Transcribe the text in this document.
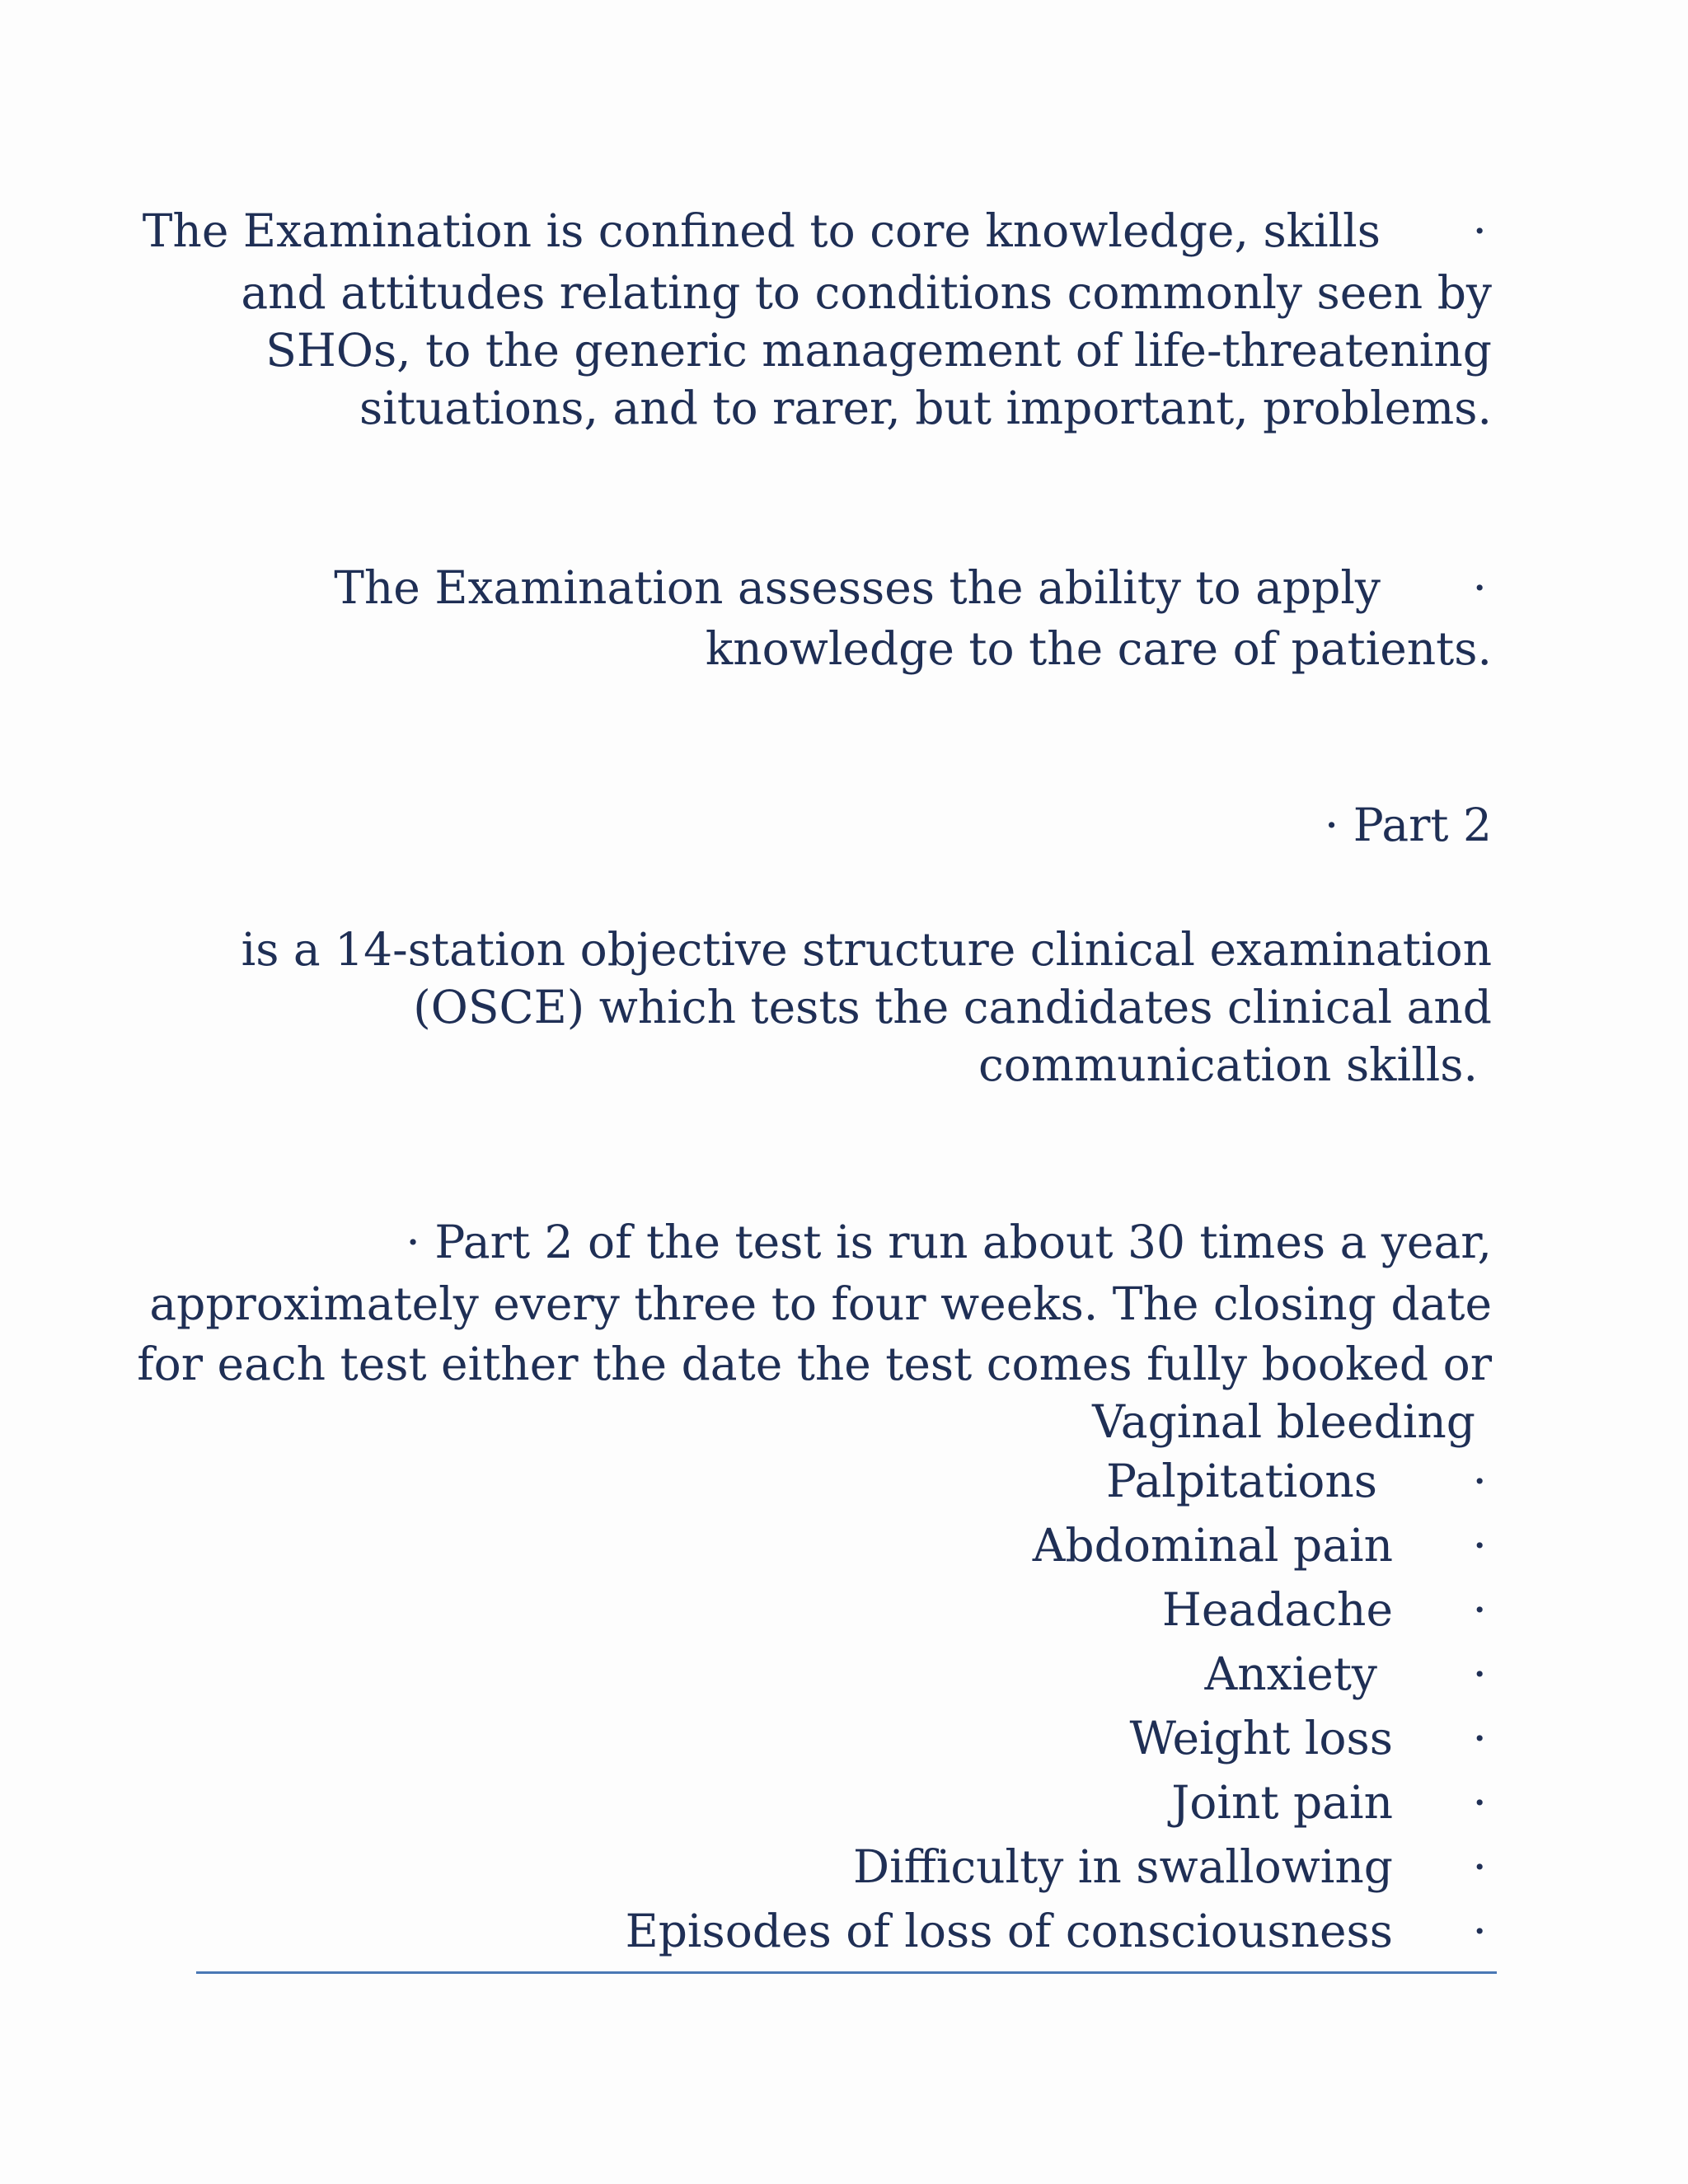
The Examination is confined to core knowledge, skills ·
and attitudes relating to conditions commonly seen by
SHOs, to the generic management of life-threatening
situations, and to rarer, but important, problems.
The Examination assesses the ability to apply ·
knowledge to the care of patients.
· Part 2
is a 14-station objective structure clinical examination
(OSCE) which tests the candidates clinical and
communication skills.
· Part 2 of the test is run about 30 times a year,
approximately every three to four weeks. The closing date
for each test either the date the test comes fully booked or
Vaginal bleeding
Palpitations ·
Abdominal pain ·
Headache ·
Anxiety ·
Weight loss ·
Joint pain ·
Difficulty in swallowing ·
Episodes of loss of consciousness ·
